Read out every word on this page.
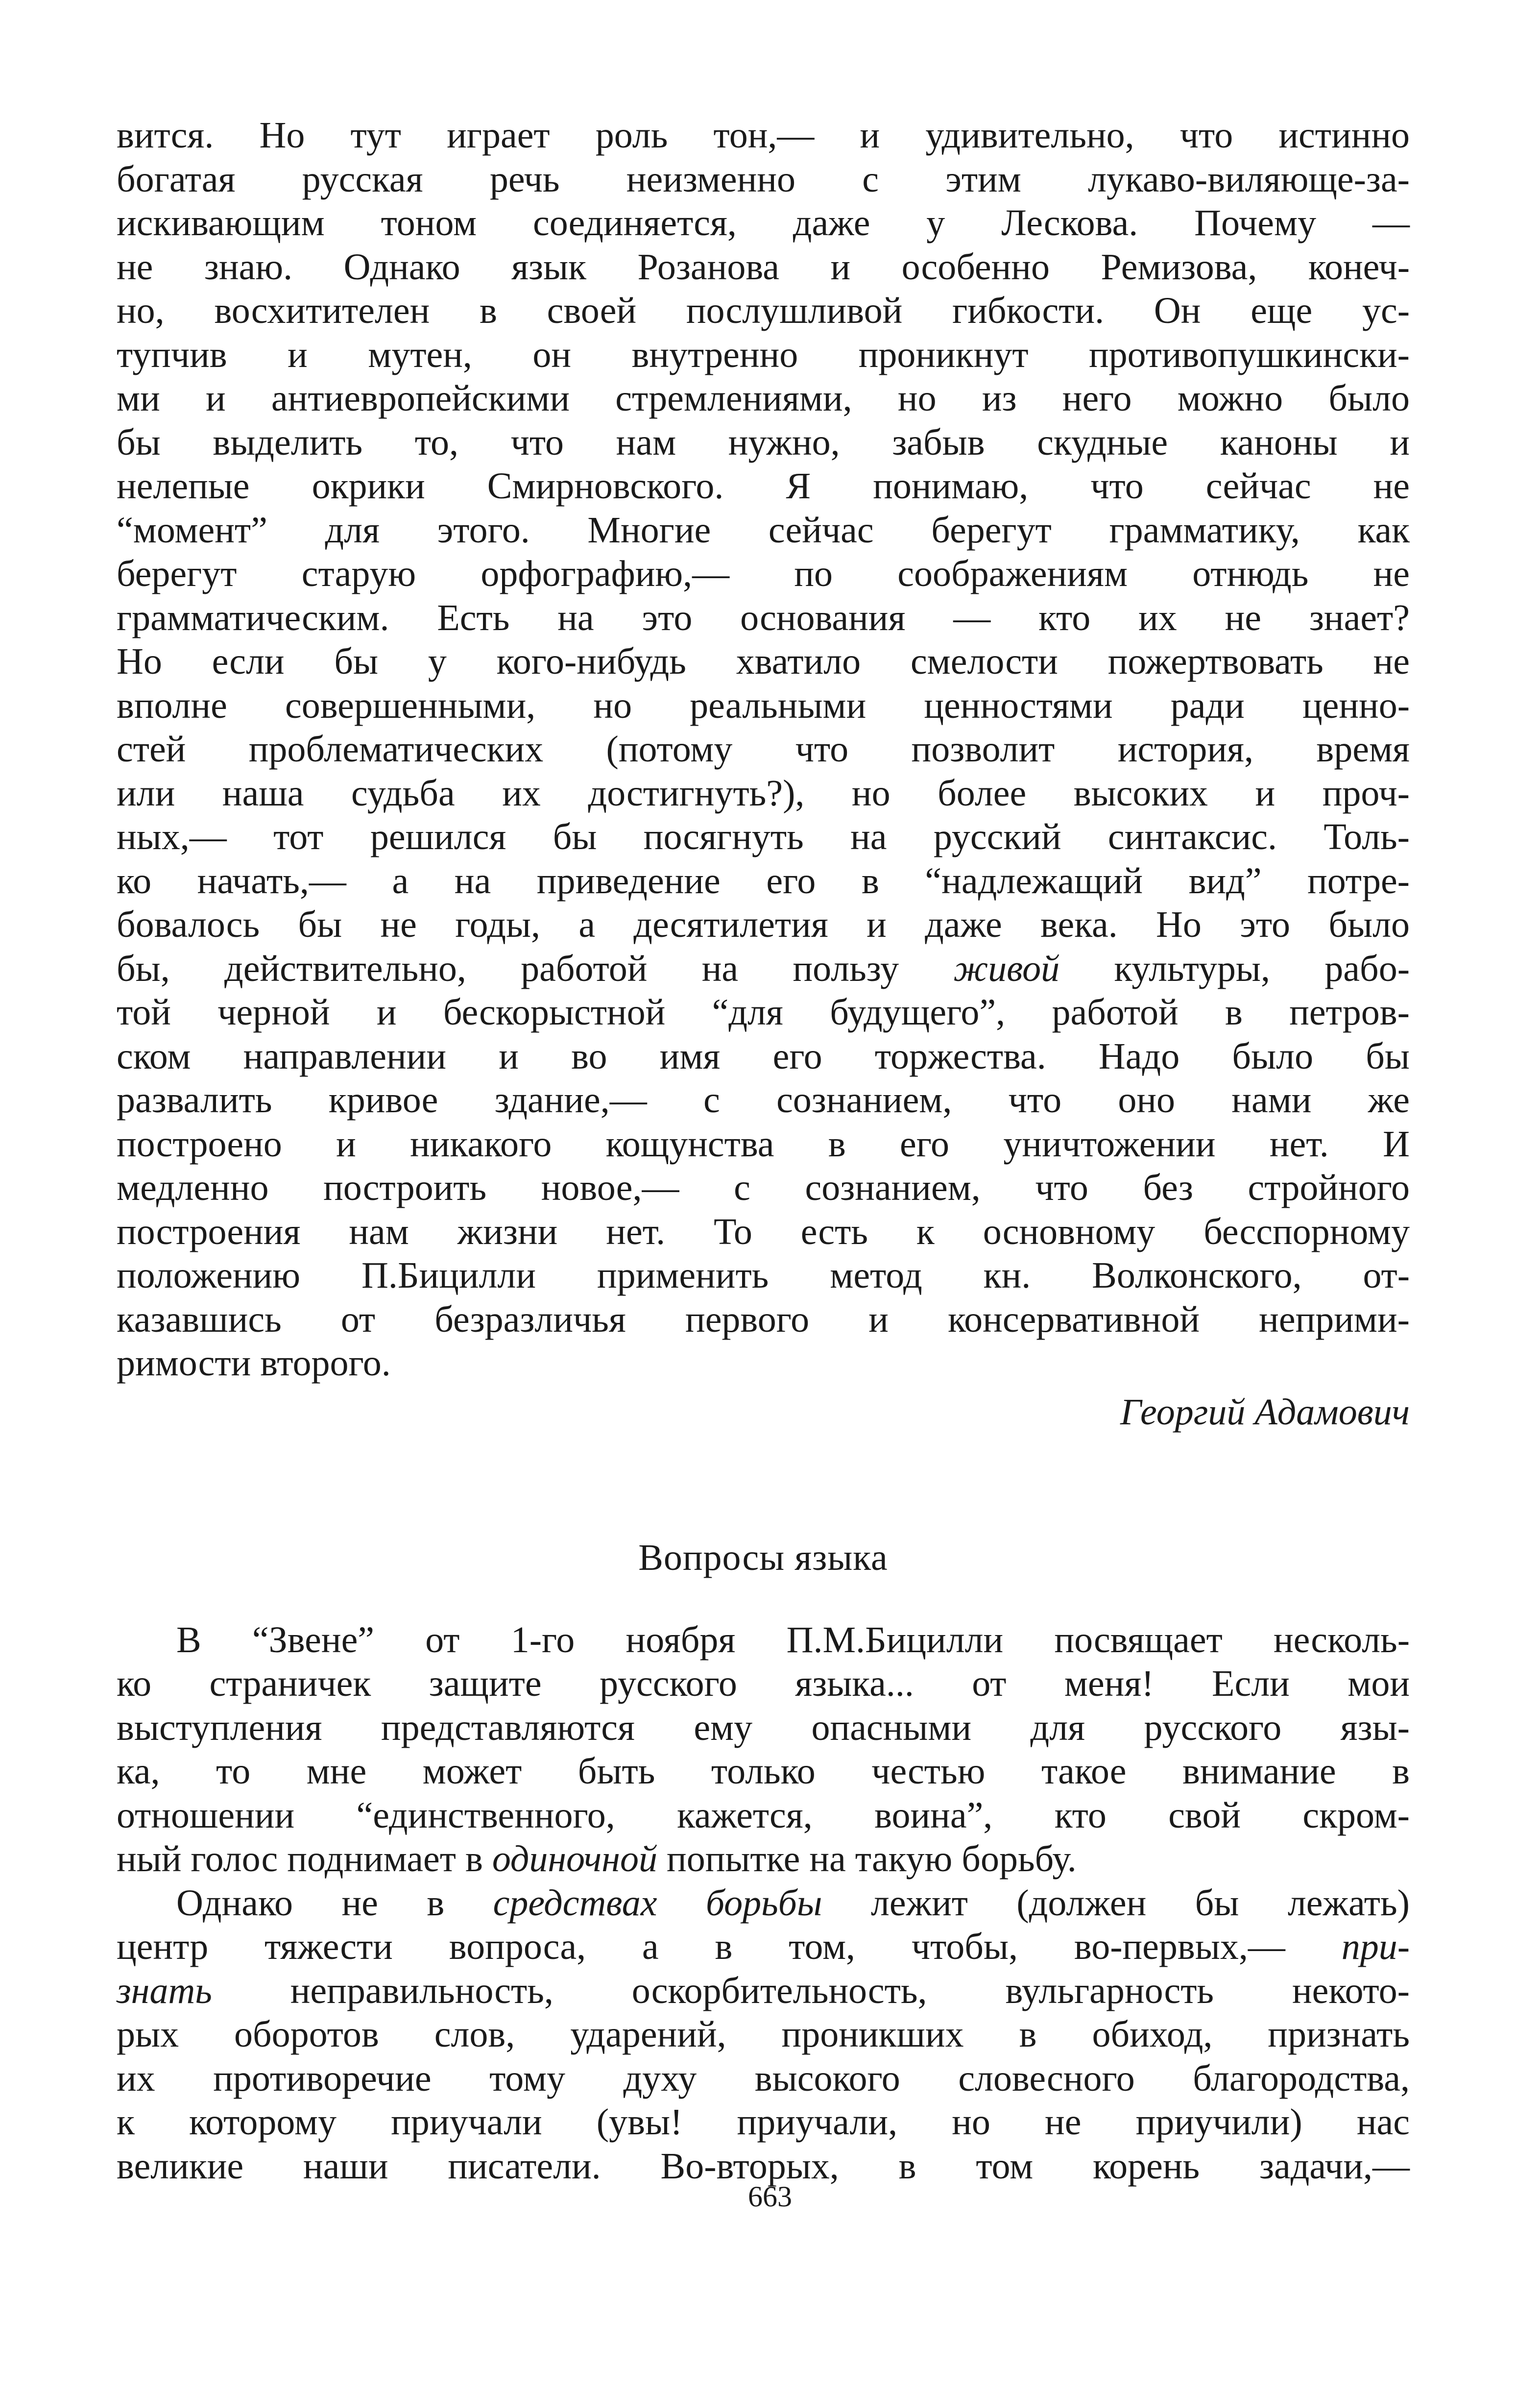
вится. Но тут играет роль тон,— и удивительно, что истинно
богатая русская речь неизменно с этим лукаво-виляюще-за-
искивающим тоном соединяется, даже у Лескова. Почему —
не знаю. Однако язык Розанова и особенно Ремизова, конеч-
но, восхитителен в своей послушливой гибкости. Он еще ус-
тупчив и мутен, он внутренно проникнут противопушкински-
ми и антиевропейскими стремлениями, но из него можно было
бы выделить то, что нам нужно, забыв скудные каноны и
нелепые окрики Смирновского. Я понимаю, что сейчас не
“момент” для этого. Многие сейчас берегут грамматику, как
берегут старую орфографию,— по соображениям отнюдь не
грамматическим. Есть на это основания — кто их не знает?
Но если бы у кого-нибудь хватило смелости пожертвовать не
вполне совершенными, но реальными ценностями ради ценно-
стей проблематических (потому что позволит история, время
или наша судьба их достигнуть?), но более высоких и проч-
ных,— тот решился бы посягнуть на русский синтаксис. Толь-
ко начать,— а на приведение его в “надлежащий вид” потре-
бовалось бы не годы, а десятилетия и даже века. Но это было
бы, действительно, работой на пользу живой культуры, рабо-
той черной и бескорыстной “для будущего”, работой в петров-
ском направлении и во имя его торжества. Надо было бы
развалить кривое здание,— с сознанием, что оно нами же
построено и никакого кощунства в его уничтожении нет. И
медленно построить новое,— с сознанием, что без стройного
построения нам жизни нет. То есть к основному бесспорному
положению П.Бицилли применить метод кн. Волконского, от-
казавшись от безразличья первого и консервативной неприми-
римости второго.

Георгий Адамович

Вопросы языка
В “Звене” от 1-го ноября П.М.Бицилли посвящает несколь-
ко страничек защите русского языка... от меня! Если мои
выступления представляются ему опасными для русского язы-
ка, то мне может быть только честью такое внимание в
отношении “единственного, кажется, воина”, кто свой скром-
ный голос поднимает в одиночной попытке на такую борьбу.
Однако не в средствах борьбы лежит (должен бы лежать)
центр тяжести вопроса, а в том, чтобы, во-первых,— при-
знать неправильность, оскорбительность, вульгарность некото-
рых оборотов слов, ударений, проникших в обиход, признать
их противоречие тому духу высокого словесного благородства,
к которому приучали (увы! приучали, но не приучили) нас
великие наши писатели. Во-вторых, в том корень задачи,—
663
